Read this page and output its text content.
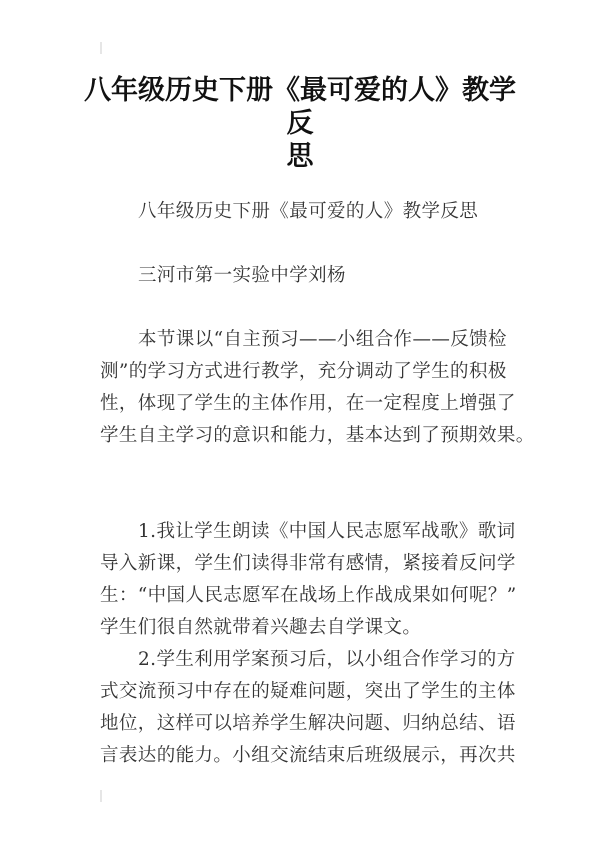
八年级历史下册《最可爱的人》教学反
思
八年级历史下册《最可爱的人》教学反思
三河市第一实验中学刘杨
本节课以“自主预习——小组合作——反馈检
测”的学习方式进行教学，充分调动了学生的积极
性，体现了学生的主体作用，在一定程度上增强了
学生自主学习的意识和能力，基本达到了预期效果。
1.我让学生朗读《中国人民志愿军战歌》歌词
导入新课，学生们读得非常有感情，紧接着反问学
生：“中国人民志愿军在战场上作战成果如何呢？”
学生们很自然就带着兴趣去自学课文。
2.学生利用学案预习后，以小组合作学习的方
式交流预习中存在的疑难问题，突出了学生的主体
地位，这样可以培养学生解决问题、归纳总结、语
言表达的能力。小组交流结束后班级展示，再次共
